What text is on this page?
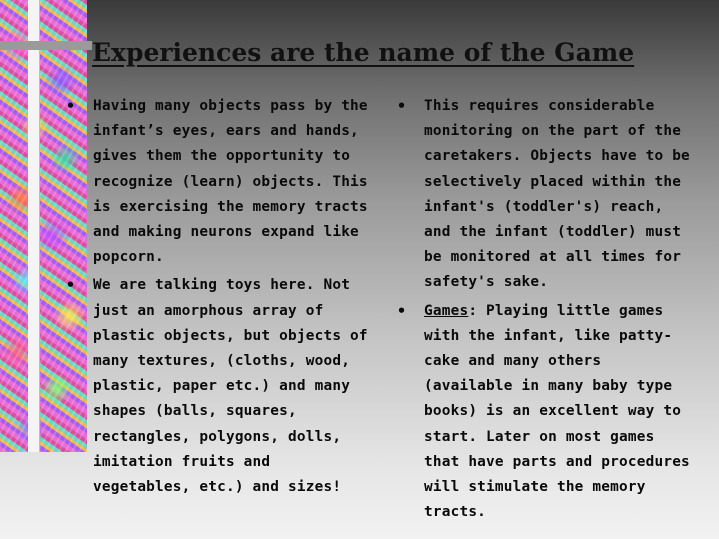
Experiences are the name of the Game
• Having many objects pass by the infant’s eyes, ears and hands, gives them the opportunity to recognize (learn) objects. This is exercising the memory tracts and making neurons expand like popcorn.
• We are talking toys here. Not just an amorphous array of plastic objects, but objects of many textures, (cloths, wood, plastic, paper etc.) and many shapes (balls, squares, rectangles, polygons, dolls, imitation fruits and vegetables, etc.) and sizes!
• This requires considerable monitoring on the part of the caretakers. Objects have to be selectively placed within the infant's (toddler's) reach, and the infant (toddler) must be monitored at all times for safety's sake.
• Games: Playing little games with the infant, like patty-cake and many others (available in many baby type books) is an excellent way to start. Later on most games that have parts and procedures will stimulate the memory tracts.
